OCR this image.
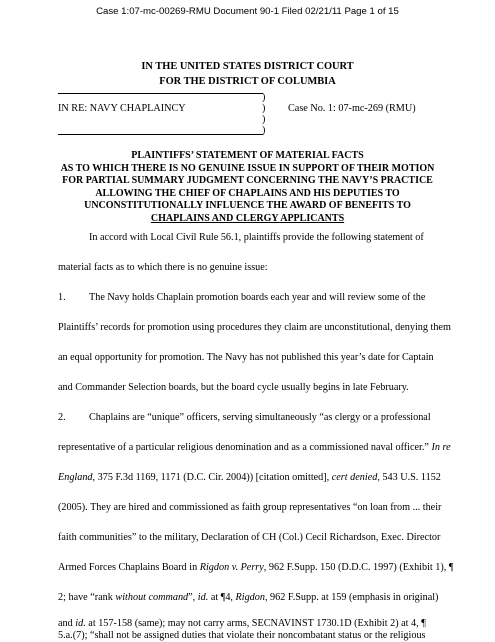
Case 1:07-mc-00269-RMU Document 90-1 Filed 02/21/11 Page 1 of 15
IN THE UNITED STATES DISTRICT COURT
FOR THE DISTRICT OF COLUMBIA
)
)
)
)
IN RE: NAVY CHAPLAINCY	Case No. 1: 07-mc-269 (RMU)
PLAINTIFFS’ STATEMENT OF MATERIAL FACTS
AS TO WHICH THERE IS NO GENUINE ISSUE IN SUPPORT OF THEIR MOTION
FOR PARTIAL SUMMARY JUDGMENT CONCERNING THE NAVY’S PRACTICE
ALLOWING THE CHIEF OF CHAPLAINS AND HIS DEPUTIES TO
UNCONSTITUTIONALLY INFLUENCE THE AWARD OF BENEFITS TO
CHAPLAINS AND CLERGY APPLICANTS
In accord with Local Civil Rule 56.1, plaintiffs provide the following statement of
material facts as to which there is no genuine issue:
1. The Navy holds Chaplain promotion boards each year and will review some of the
Plaintiffs’ records for promotion using procedures they claim are unconstitutional, denying them
an equal opportunity for promotion. The Navy has not published this year’s date for Captain
and Commander Selection boards, but the board cycle usually begins in late February.
2. Chaplains are “unique” officers, serving simultaneously “as clergy or a professional
representative of a particular religious denomination and as a commissioned naval officer.” In re
England, 375 F.3d 1169, 1171 (D.C. Cir. 2004)) [citation omitted], cert denied, 543 U.S. 1152
(2005). They are hired and commissioned as faith group representatives “on loan from ... their
faith communities” to the military, Declaration of CH (Col.) Cecil Richardson, Exec. Director
Armed Forces Chaplains Board in Rigdon v. Perry, 962 F.Supp. 150 (D.D.C. 1997) (Exhibit 1), ¶
2; have “rank without command”, id. at ¶4, Rigdon, 962 F.Supp. at 159 (emphasis in original)
and id. at 157-158 (same); may not carry arms, SECNAVINST 1730.1D (Exhibit 2) at 4, ¶
5.a.(7); “shall not be assigned duties that violate their noncombatant status or the religious
